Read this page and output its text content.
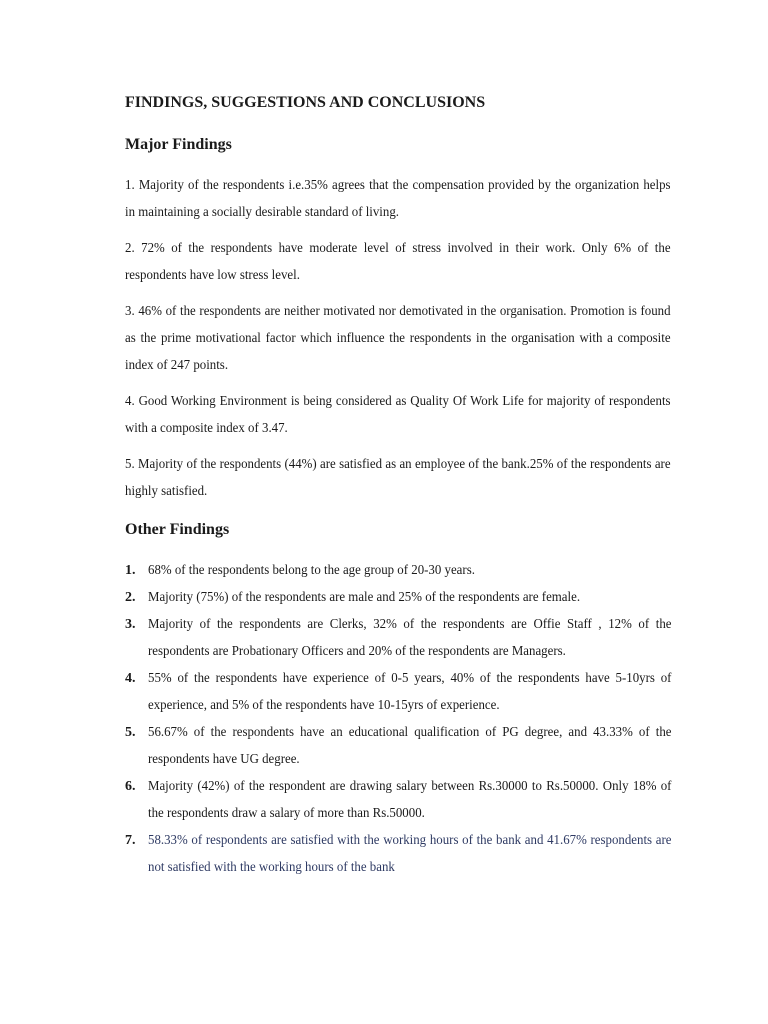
FINDINGS, SUGGESTIONS AND CONCLUSIONS
Major Findings

1. Majority of the respondents i.e.35% agrees that the compensation provided by the organization helps in maintaining a socially desirable standard of living.

2. 72% of the respondents have moderate level of stress involved in their work. Only 6% of the respondents have low stress level.

3. 46% of the respondents are neither motivated nor demotivated in the organisation. Promotion is found as the prime motivational factor which influence the respondents in the organisation with a composite index of 247 points.

4. Good Working Environment is being considered as Quality Of Work Life for majority of respondents with a composite index of 3.47.

5. Majority of the respondents (44%) are satisfied as an employee of the bank.25% of the respondents are highly satisfied.

Other Findings
1. 68% of the respondents belong to the age group of 20-30 years.
2. Majority (75%) of the respondents are male and 25% of the respondents are female.
3. Majority of the respondents are Clerks, 32% of the respondents are Offie Staff , 12% of the respondents are Probationary Officers and 20% of the respondents are Managers.
4. 55% of the respondents have experience of 0-5 years, 40% of the respondents have 5-10yrs of experience, and 5% of the respondents have 10-15yrs of experience.
5. 56.67% of the respondents have an educational qualification of PG degree, and 43.33% of the respondents have UG degree.
6. Majority (42%) of the respondent are drawing salary between Rs.30000 to Rs.50000. Only 18% of the respondents draw a salary of more than Rs.50000.
7. 58.33% of respondents are satisfied with the working hours of the bank and 41.67% respondents are not satisfied with the working hours of the bank
